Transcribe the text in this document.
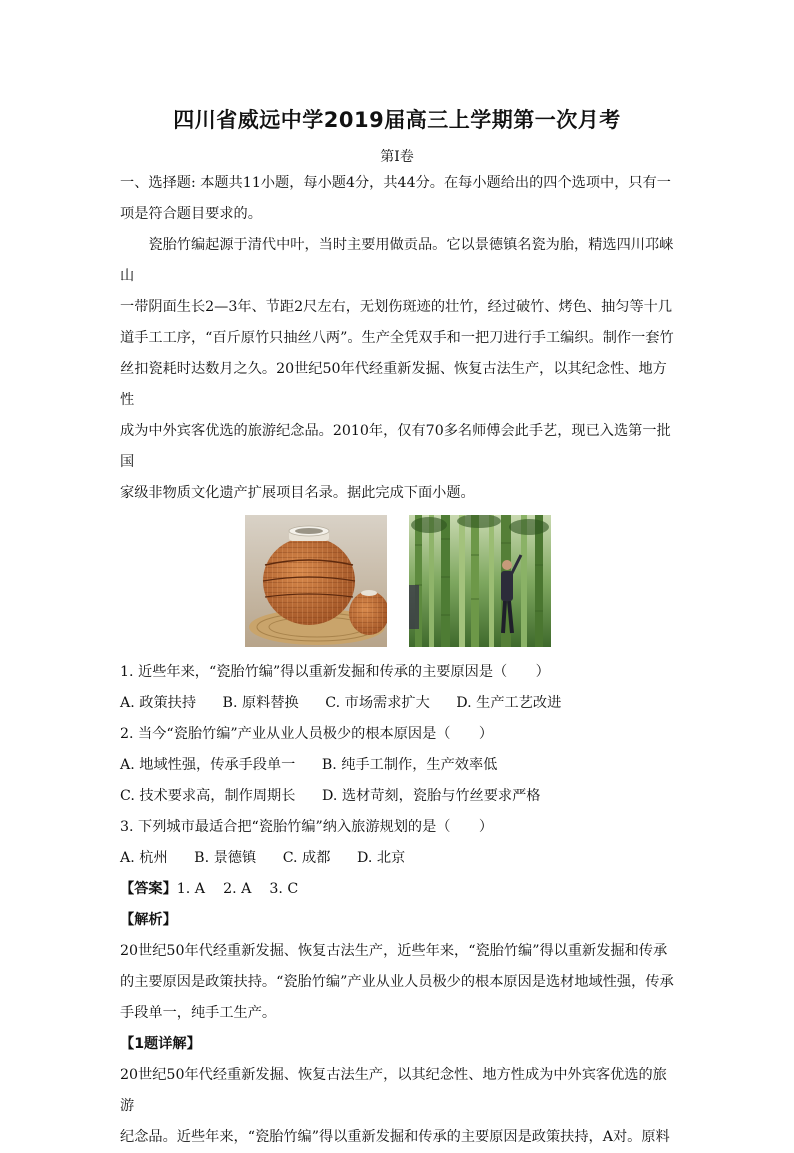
四川省威远中学2019届高三上学期第一次月考
第Ⅰ卷

一、选择题: 本题共11小题，每小题4分，共44分。在每小题给出的四个选项中，只有一

项是符合题目要求的。

瓷胎竹编起源于清代中叶，当时主要用做贡品。它以景德镇名瓷为胎，精选四川邛崃山

一带阴面生长2—3年、节距2尺左右，无划伤斑迹的壮竹，经过破竹、烤色、抽匀等十几

道手工工序，“百斤原竹只抽丝八两”。生产全凭双手和一把刀进行手工编织。制作一套竹

丝扣瓷耗时达数月之久。20世纪50年代经重新发掘、恢复古法生产，以其纪念性、地方性

成为中外宾客优选的旅游纪念品。2010年，仅有70多名师傅会此手艺，现已入选第一批国

家级非物质文化遗产扩展项目名录。据此完成下面小题。

1. 近些年来，“瓷胎竹编”得以重新发掘和传承的主要原因是（　　）

A. 政策扶持 B. 原料替换 C. 市场需求扩大 D. 生产工艺改进

2. 当今“瓷胎竹编”产业从业人员极少的根本原因是（　　）

A. 地域性强，传承手段单一 B. 纯手工制作，生产效率低

C. 技术要求高，制作周期长 D. 选材苛刻，瓷胎与竹丝要求严格

3. 下列城市最适合把“瓷胎竹编”纳入旅游规划的是（　　）

A. 杭州 B. 景德镇 C. 成都 D. 北京

【答案】1. A 2. A 3. C

【解析】

20世纪50年代经重新发掘、恢复古法生产，近些年来，“瓷胎竹编”得以重新发掘和传承

的主要原因是政策扶持。“瓷胎竹编”产业从业人员极少的根本原因是选材地域性强，传承

手段单一，纯手工生产。

【1题详解】

20世纪50年代经重新发掘、恢复古法生产，以其纪念性、地方性成为中外宾客优选的旅游

纪念品。近些年来，“瓷胎竹编”得以重新发掘和传承的主要原因是政策扶持，A对。原料
